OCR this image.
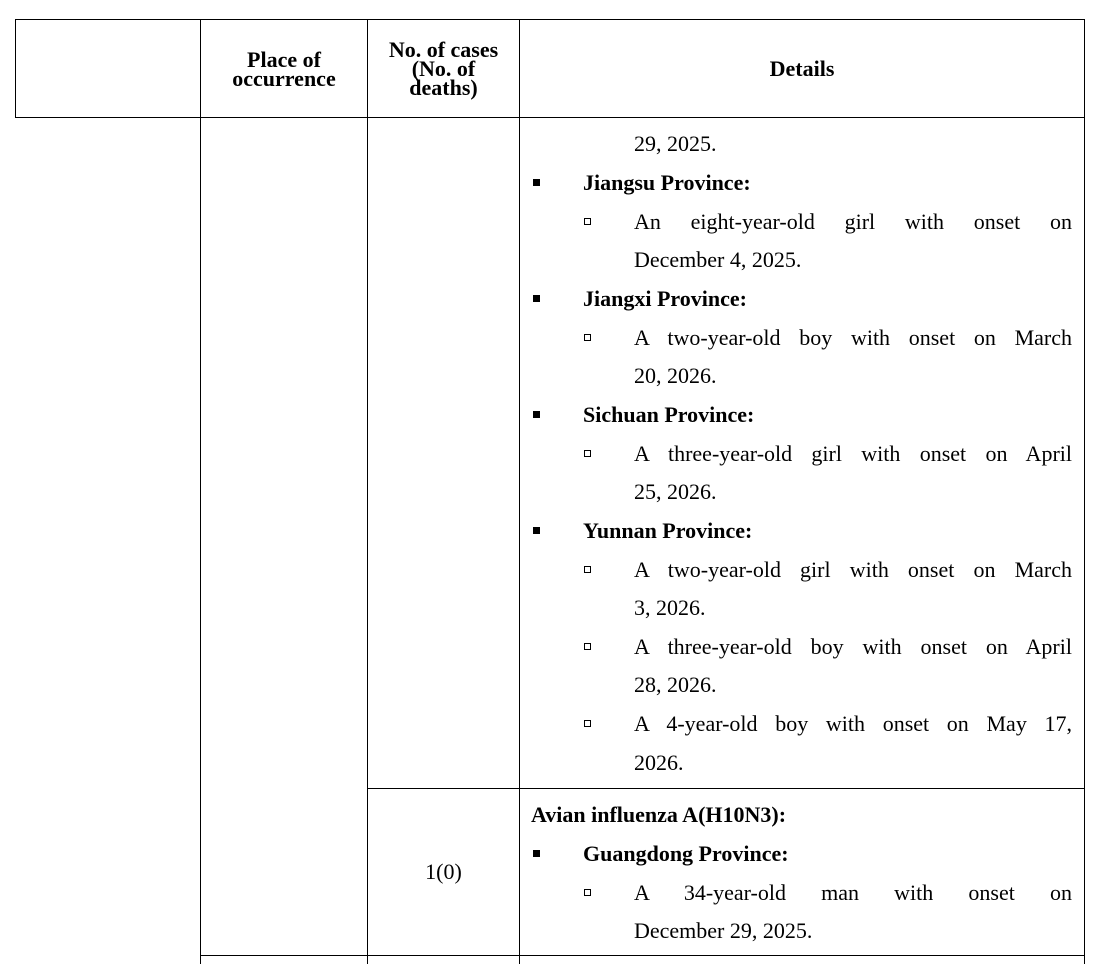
Place of
occurrence
No. of cases
(No. of
deaths)
Details
29, 2025.
Jiangsu Province:
An eight-year-old girl with onset on
December 4, 2025.
Jiangxi Province:
A two-year-old boy with onset on March
20, 2026.
Sichuan Province:
A three-year-old girl with onset on April
25, 2026.
Yunnan Province:
A two-year-old girl with onset on March
3, 2026.
A three-year-old boy with onset on April
28, 2026.
A 4-year-old boy with onset on May 17,
2026.
1(0)
Avian influenza A(H10N3):
Guangdong Province:
A 34-year-old man with onset on
December 29, 2025.
